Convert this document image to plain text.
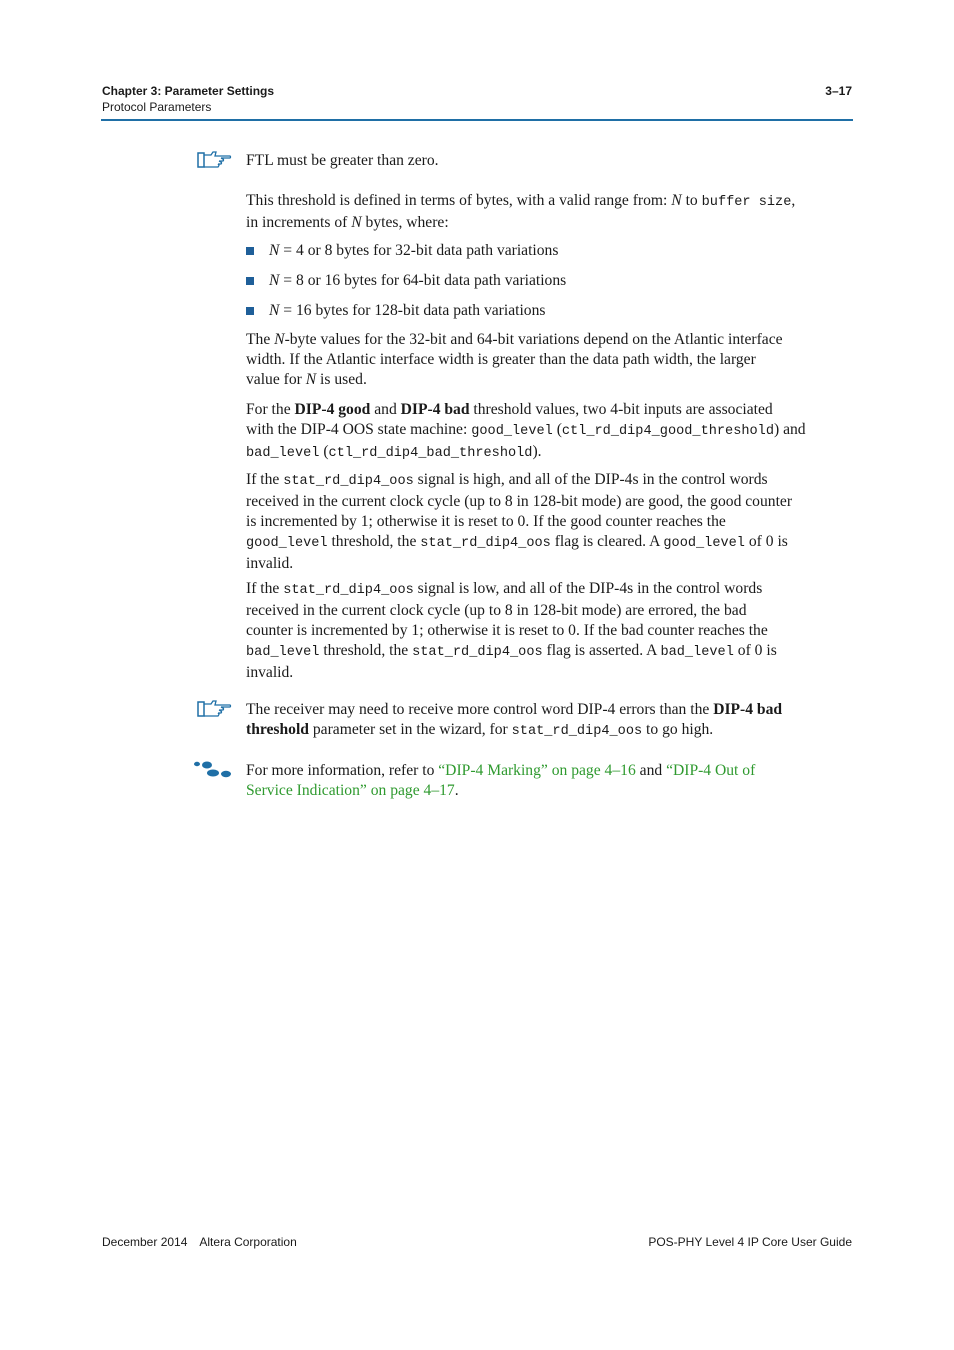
Chapter 3: Parameter Settings
Protocol Parameters
3–17

FTL must be greater than zero.

This threshold is defined in terms of bytes, with a valid range from: N to buffer size,
in increments of N bytes, where:

N = 4 or 8 bytes for 32-bit data path variations
N = 8 or 16 bytes for 64-bit data path variations
N = 16 bytes for 128-bit data path variations

The N-byte values for the 32-bit and 64-bit variations depend on the Atlantic interface
width. If the Atlantic interface width is greater than the data path width, the larger
value for N is used.

For the DIP-4 good and DIP-4 bad threshold values, two 4-bit inputs are associated
with the DIP-4 OOS state machine: good_level (ctl_rd_dip4_good_threshold) and
bad_level (ctl_rd_dip4_bad_threshold).

If the stat_rd_dip4_oos signal is high, and all of the DIP-4s in the control words
received in the current clock cycle (up to 8 in 128-bit mode) are good, the good counter
is incremented by 1; otherwise it is reset to 0. If the good counter reaches the
good_level threshold, the stat_rd_dip4_oos flag is cleared. A good_level of 0 is
invalid.

If the stat_rd_dip4_oos signal is low, and all of the DIP-4s in the control words
received in the current clock cycle (up to 8 in 128-bit mode) are errored, the bad
counter is incremented by 1; otherwise it is reset to 0. If the bad counter reaches the
bad_level threshold, the stat_rd_dip4_oos flag is asserted. A bad_level of 0 is
invalid.

The receiver may need to receive more control word DIP-4 errors than the DIP-4 bad
threshold parameter set in the wizard, for stat_rd_dip4_oos to go high.

For more information, refer to “DIP-4 Marking” on page 4–16 and “DIP-4 Out of
Service Indication” on page 4–17.

December 2014 Altera Corporation	POS-PHY Level 4 IP Core User Guide
